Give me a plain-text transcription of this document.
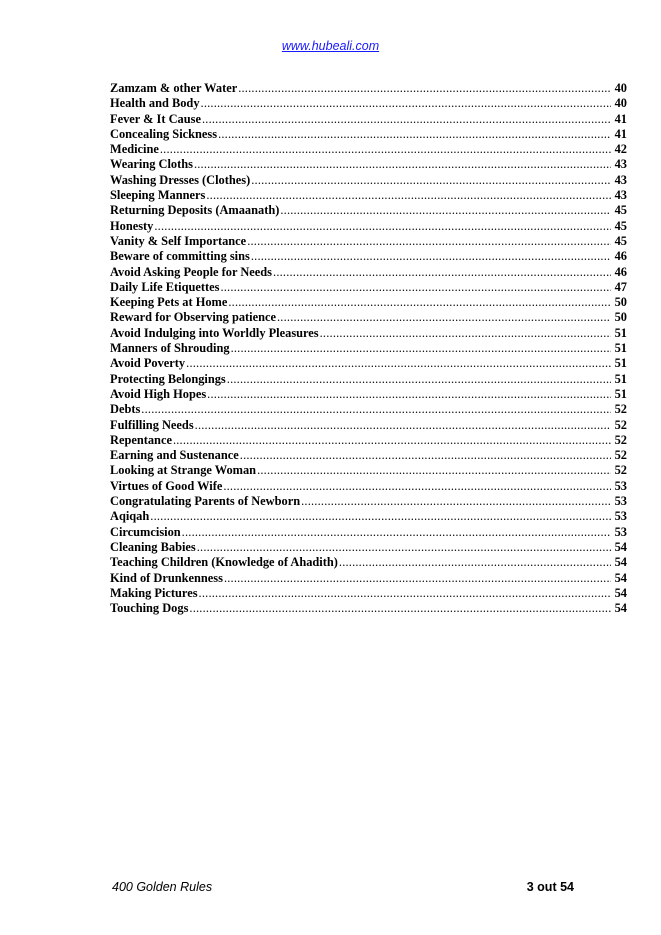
www.hubeali.com
Zamzam & other Water .....	40
Health and Body .....	40
Fever & It Cause .....	41
Concealing Sickness .....	41
Medicine .....	42
Wearing Cloths .....	43
Washing Dresses (Clothes) .....	43
Sleeping Manners .....	43
Returning Deposits (Amaanath) .....	45
Honesty .....	45
Vanity & Self Importance .....	45
Beware of committing sins .....	46
Avoid Asking People for Needs .....	46
Daily Life Etiquettes .....	47
Keeping Pets at Home .....	50
Reward for Observing patience .....	50
Avoid Indulging into Worldly Pleasures .....	51
Manners of Shrouding .....	51
Avoid Poverty .....	51
Protecting Belongings .....	51
Avoid High Hopes .....	51
Debts .....	52
Fulfilling Needs .....	52
Repentance .....	52
Earning and Sustenance .....	52
Looking at Strange Woman .....	52
Virtues of Good Wife .....	53
Congratulating Parents of Newborn .....	53
Aqiqah .....	53
Circumcision .....	53
Cleaning Babies .....	54
Teaching Children (Knowledge of Ahadith) .....	54
Kind of Drunkenness .....	54
Making Pictures .....	54
Touching Dogs .....	54
400 Golden Rules	3 out 54
